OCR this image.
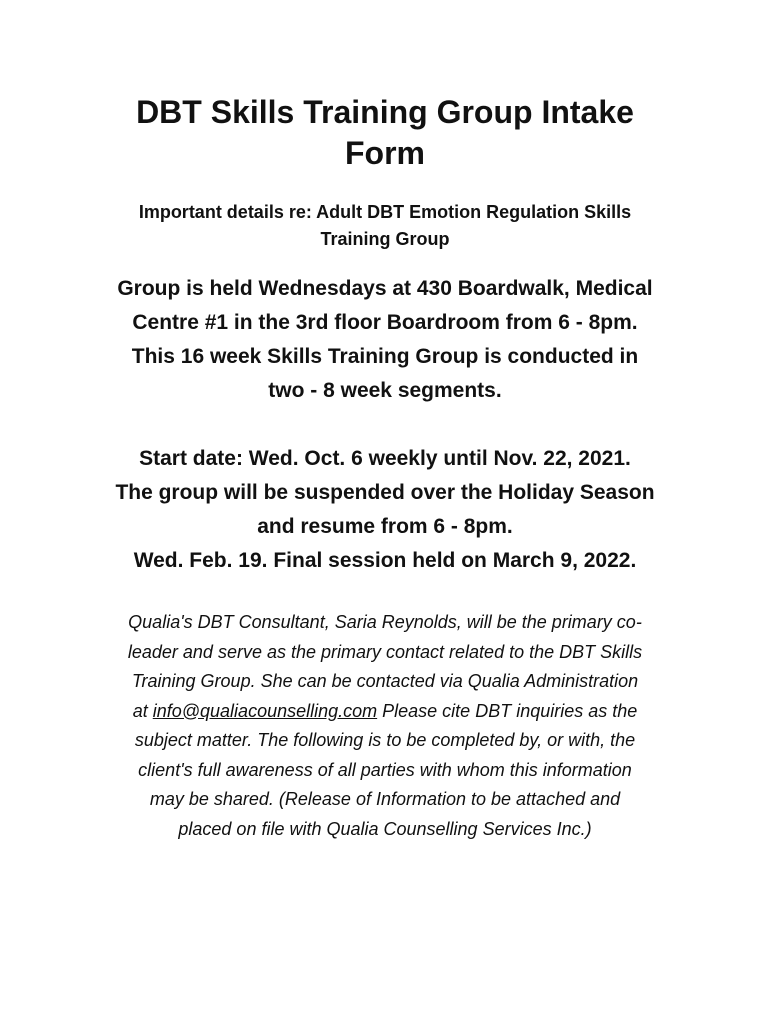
DBT Skills Training Group Intake
Form

Important details re: Adult DBT Emotion Regulation Skills
Training Group

Group is held Wednesdays at 430 Boardwalk, Medical
Centre #1 in the 3rd floor Boardroom from 6 - 8pm.
This 16 week Skills Training Group is conducted in
two - 8 week segments.
Start date: Wed. Oct. 6 weekly until Nov. 22, 2021.
The group will be suspended over the Holiday Season
and resume from 6 - 8pm.
Wed. Feb. 19. Final session held on March 9, 2022.
Qualia's DBT Consultant, Saria Reynolds, will be the primary co-
leader and serve as the primary contact related to the DBT Skills
Training Group. She can be contacted via Qualia Administration
at info@qualiacounselling.com Please cite DBT inquiries as the
subject matter. The following is to be completed by, or with, the
client's full awareness of all parties with whom this information
may be shared. (Release of Information to be attached and
placed on file with Qualia Counselling Services Inc.)
